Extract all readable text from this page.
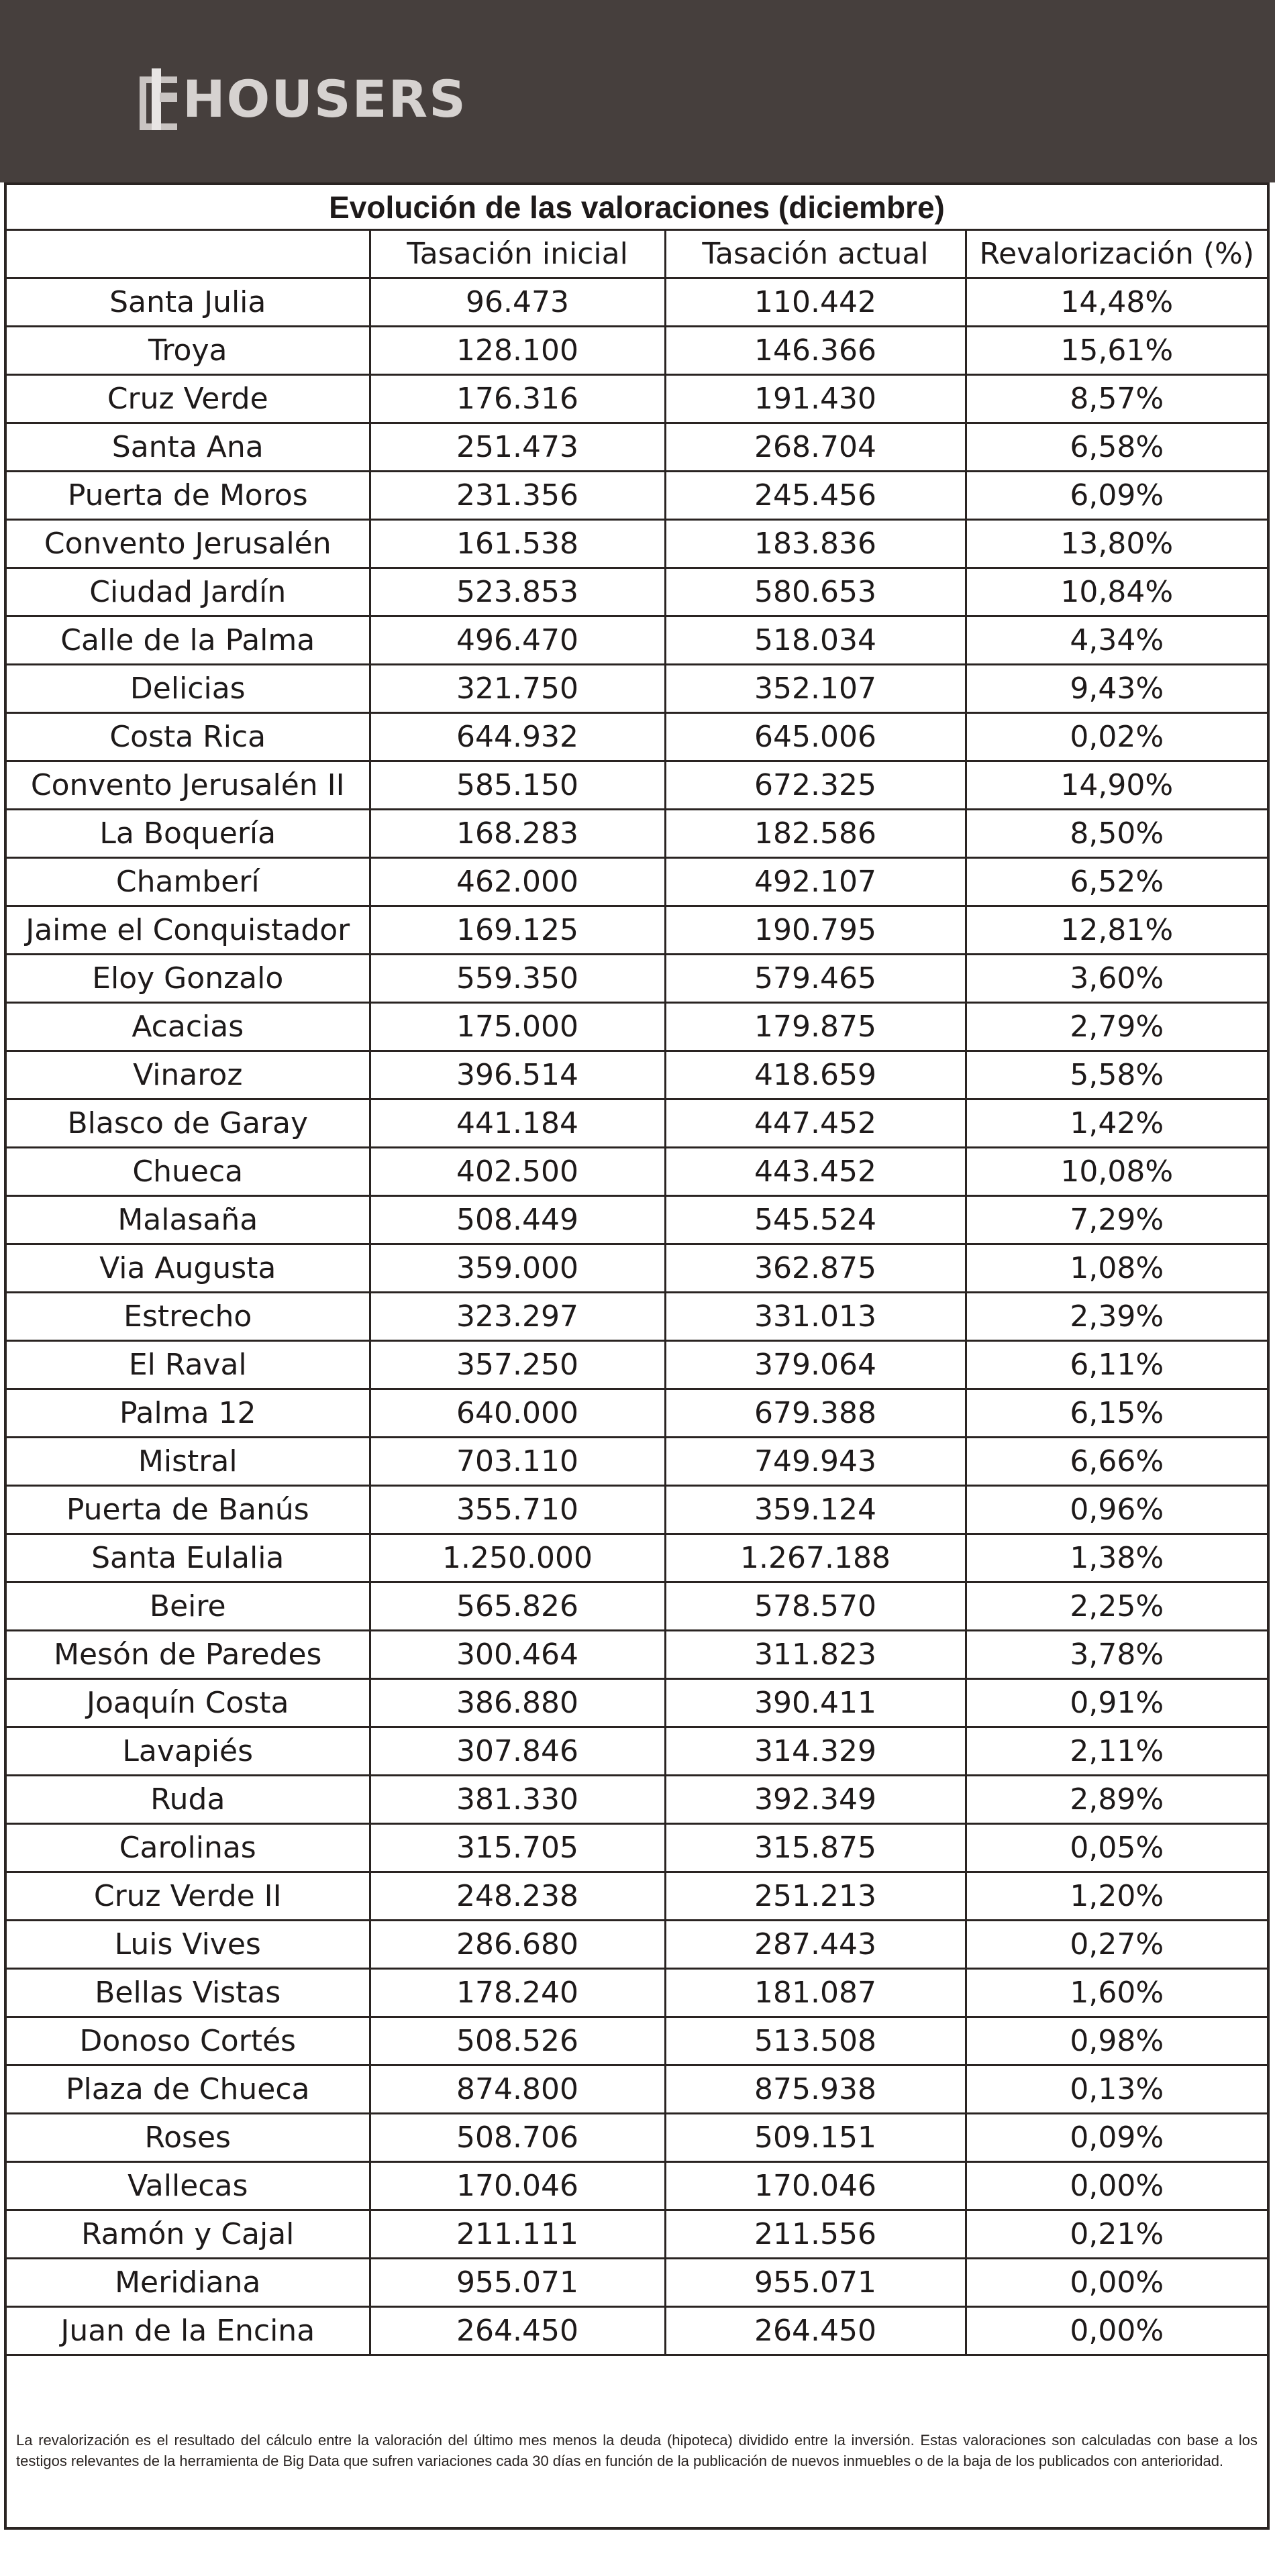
HOUSERS
Evolución de las valoraciones (diciembre)
	Tasación inicial	Tasación actual	Revalorización (%)
Santa Julia	96.473	110.442	14,48%
Troya	128.100	146.366	15,61%
Cruz Verde	176.316	191.430	8,57%
Santa Ana	251.473	268.704	6,58%
Puerta de Moros	231.356	245.456	6,09%
Convento Jerusalén	161.538	183.836	13,80%
Ciudad Jardín	523.853	580.653	10,84%
Calle de la Palma	496.470	518.034	4,34%
Delicias	321.750	352.107	9,43%
Costa Rica	644.932	645.006	0,02%
Convento Jerusalén II	585.150	672.325	14,90%
La Boquería	168.283	182.586	8,50%
Chamberí	462.000	492.107	6,52%
Jaime el Conquistador	169.125	190.795	12,81%
Eloy Gonzalo	559.350	579.465	3,60%
Acacias	175.000	179.875	2,79%
Vinaroz	396.514	418.659	5,58%
Blasco de Garay	441.184	447.452	1,42%
Chueca	402.500	443.452	10,08%
Malasaña	508.449	545.524	7,29%
Via Augusta	359.000	362.875	1,08%
Estrecho	323.297	331.013	2,39%
El Raval	357.250	379.064	6,11%
Palma 12	640.000	679.388	6,15%
Mistral	703.110	749.943	6,66%
Puerta de Banús	355.710	359.124	0,96%
Santa Eulalia	1.250.000	1.267.188	1,38%
Beire	565.826	578.570	2,25%
Mesón de Paredes	300.464	311.823	3,78%
Joaquín Costa	386.880	390.411	0,91%
Lavapiés	307.846	314.329	2,11%
Ruda	381.330	392.349	2,89%
Carolinas	315.705	315.875	0,05%
Cruz Verde II	248.238	251.213	1,20%
Luis Vives	286.680	287.443	0,27%
Bellas Vistas	178.240	181.087	1,60%
Donoso Cortés	508.526	513.508	0,98%
Plaza de Chueca	874.800	875.938	0,13%
Roses	508.706	509.151	0,09%
Vallecas	170.046	170.046	0,00%
Ramón y Cajal	211.111	211.556	0,21%
Meridiana	955.071	955.071	0,00%
Juan de la Encina	264.450	264.450	0,00%
La revalorización es el resultado del cálculo entre la valoración del último mes menos la deuda (hipoteca) dividido entre la inversión. Estas valoraciones son calculadas con base a los testigos relevantes de la herramienta de Big Data que sufren variaciones cada 30 días en función de la publicación de nuevos inmuebles o de la baja de los publicados con anterioridad.
